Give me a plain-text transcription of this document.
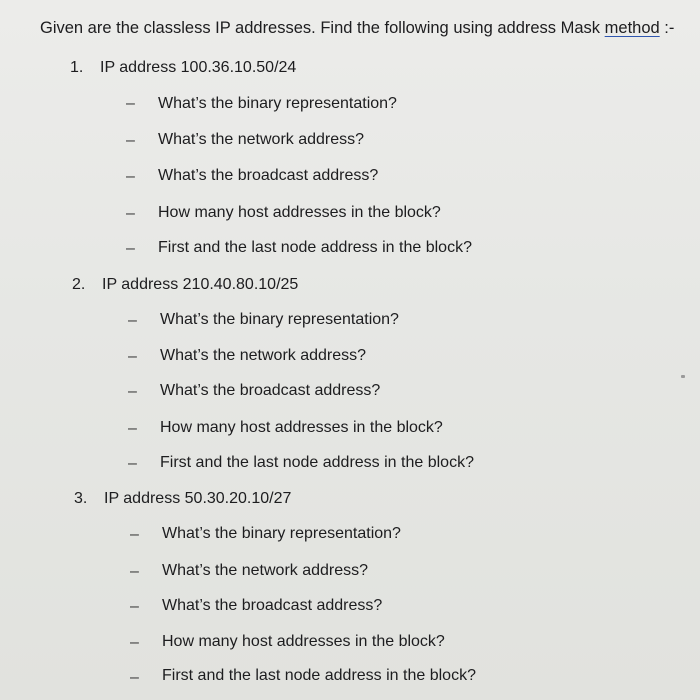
Given are the classless IP addresses. Find the following using address Mask method :-
1. IP address 100.36.10.50/24
– What’s the binary representation?
– What’s the network address?
– What’s the broadcast address?
– How many host addresses in the block?
– First and the last node address in the block?
2. IP address 210.40.80.10/25
– What’s the binary representation?
– What’s the network address?
– What’s the broadcast address?
– How many host addresses in the block?
– First and the last node address in the block?
3. IP address 50.30.20.10/27
– What’s the binary representation?
– What’s the network address?
– What’s the broadcast address?
– How many host addresses in the block?
– First and the last node address in the block?
